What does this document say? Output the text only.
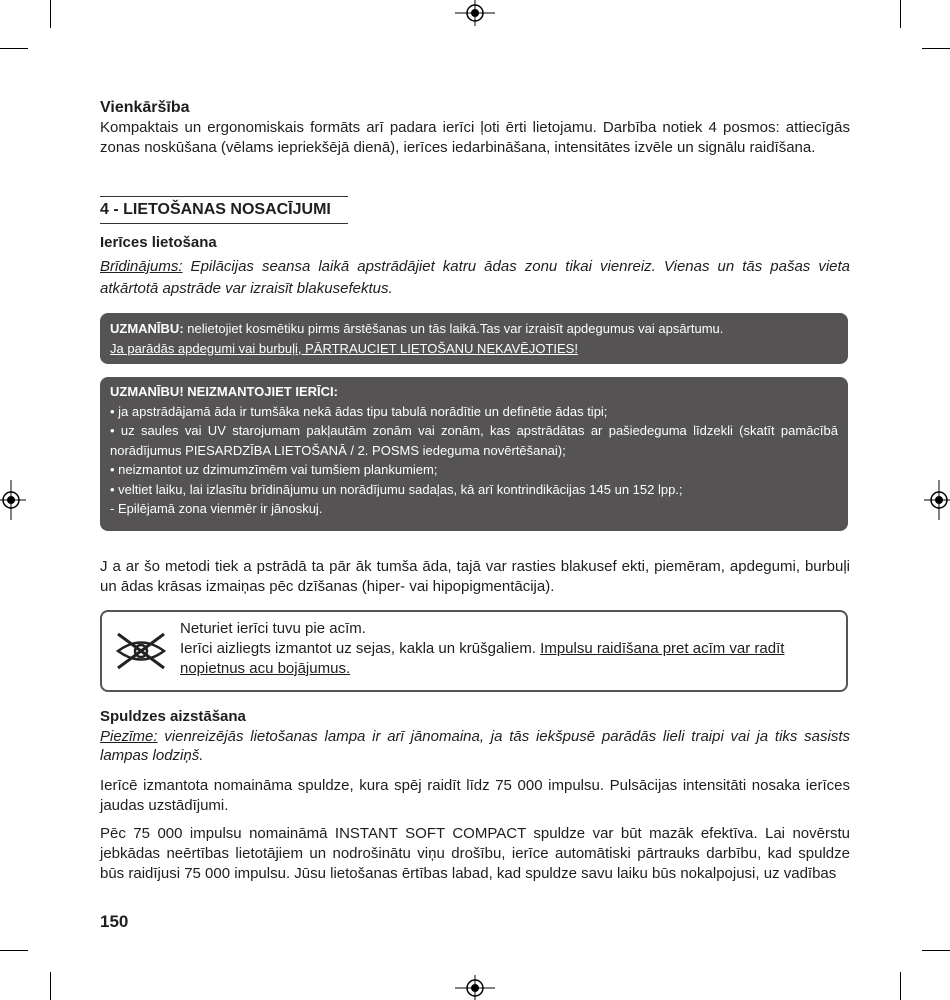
Vienkāršība

Kompaktais un ergonomiskais formāts arī padara ierīci ļoti ērti lietojamu. Darbība notiek 4 posmos: attiecīgās zonas noskūšana (vēlams iepriekšējā dienā), ierīces iedarbināšana, intensitātes izvēle un signālu raidīšana.

4 - LIETOŠANAS NOSACĪJUMI
Ierīces lietošana

Brīdinājums: Epilācijas seansa laikā apstrādājiet katru ādas zonu tikai vienreiz. Vienas un tās pašas vieta atkārtotā apstrāde var izraisīt blakusefektus.

UZMANĪBU: nelietojiet kosmētiku pirms ārstēšanas un tās laikā.Tas var izraisīt apdegumus vai apsārtumu.
Ja parādās apdegumi vai burbuļi, PĀRTRAUCIET LIETOŠANU NEKAVĒJOTIES!
UZMANĪBU! NEIZMANTOJIET IERĪCI:
• ja apstrādājamā āda ir tumšāka nekā ādas tipu tabulā norādītie un definētie ādas tipi;
• uz saules vai UV starojumam pakļautām zonām vai zonām, kas apstrādātas ar pašiedeguma līdzekli (skatīt pamācībā norādījumus PIESARDZĪBA LIETOŠANĀ / 2. POSMS iedeguma novērtēšanai);
• neizmantot uz dzimumzīmēm vai tumšiem plankumiem;
• veltiet laiku, lai izlasītu brīdinājumu un norādījumu sadaļas, kā arī kontrindikācijas 145 un 152 lpp.;
- Epilējamā zona vienmēr ir jānoskuj.

J a ar šo metodi tiek a pstrādā ta pār āk tumša āda, tajā var rasties blakusef ekti, piemēram, apdegumi, burbuļi un ādas krāsas izmaiņas pēc dzīšanas (hiper- vai hipopigmentācija).

Neturiet ierīci tuvu pie acīm.
Ierīci aizliegts izmantot uz sejas, kakla un krūšgaliem. Impulsu raidīšana pret acīm var radīt nopietnus acu bojājumus.
Spuldzes aizstāšana

Piezīme: vienreizējās lietošanas lampa ir arī jānomaina, ja tās iekšpusē parādās lieli traipi vai ja tiks sasists lampas lodziņš.

Ierīcē izmantota nomaināma spuldze, kura spēj raidīt līdz 75 000 impulsu. Pulsācijas intensitāti nosaka ierīces jaudas uzstādījumi.

Pēc 75 000 impulsu nomaināmā INSTANT SOFT COMPACT spuldze var būt mazāk efektīva. Lai novērstu jebkādas neērtības lietotājiem un nodrošinātu viņu drošību, ierīce automātiski pārtrauks darbību, kad spuldze būs raidījusi 75 000 impulsu. Jūsu lietošanas ērtības labad, kad spuldze savu laiku būs nokalpojusi, uz vadības

150
